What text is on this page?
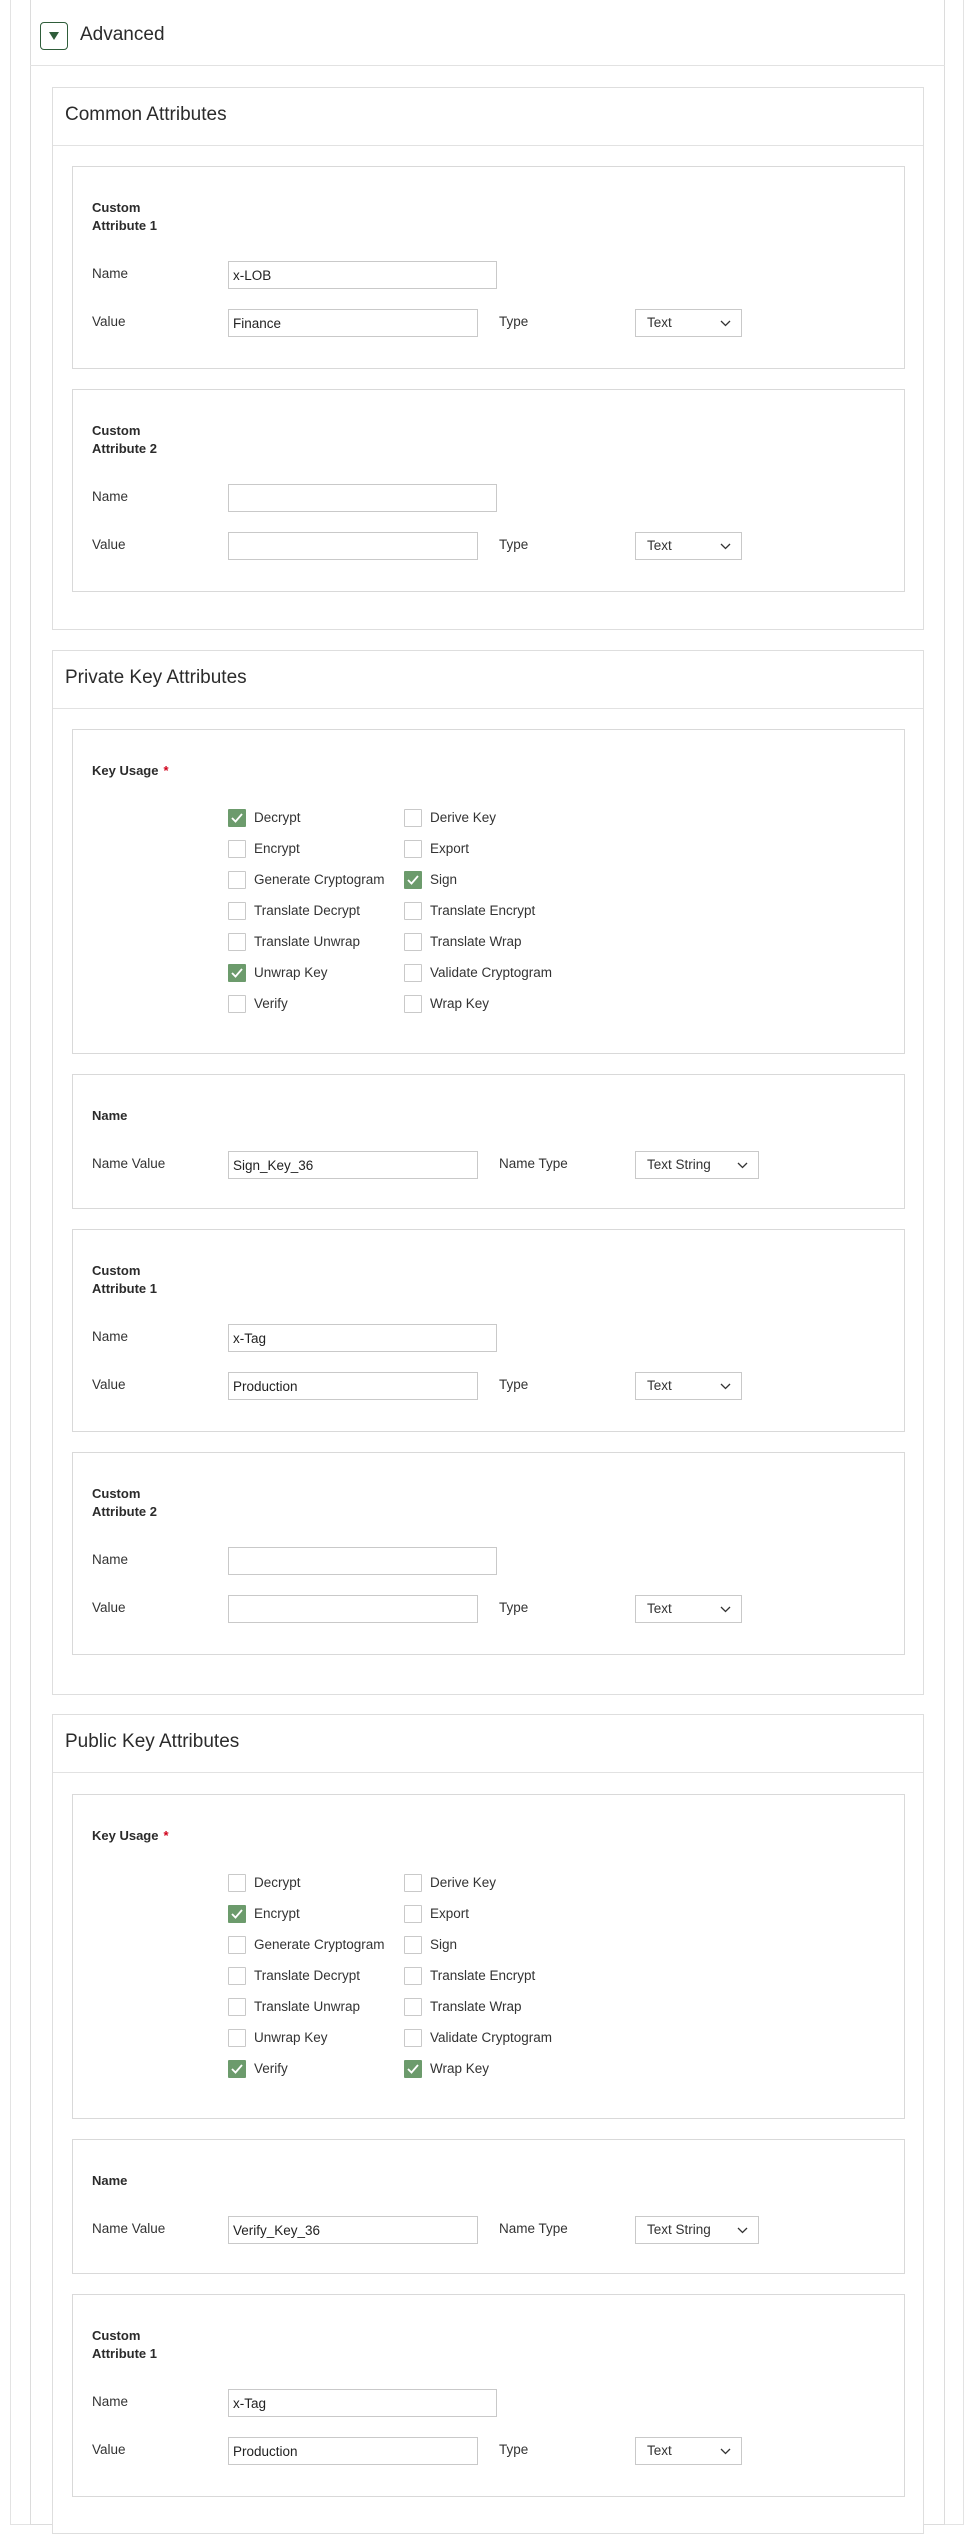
Advanced
Common Attributes
Custom Attribute 1
Name
x-LOB
Value
Finance	Type	Text
Custom Attribute 2
Name
Value	Type	Text
Private Key Attributes
Key Usage *
Decrypt	Derive Key
Encrypt	Export
Generate Cryptogram	Sign
Translate Decrypt	Translate Encrypt
Translate Unwrap	Translate Wrap
Unwrap Key	Validate Cryptogram
Verify	Wrap Key
Name
Name Value
Sign_Key_36	Name Type	Text String
Custom Attribute 1
Name
x-Tag
Value
Production	Type	Text
Custom Attribute 2
Name
Value	Type	Text
Public Key Attributes
Key Usage *
Decrypt	Derive Key
Encrypt	Export
Generate Cryptogram	Sign
Translate Decrypt	Translate Encrypt
Translate Unwrap	Translate Wrap
Unwrap Key	Validate Cryptogram
Verify	Wrap Key
Name
Name Value
Verify_Key_36	Name Type	Text String
Custom Attribute 1
Name
x-Tag
Value
Production	Type	Text
